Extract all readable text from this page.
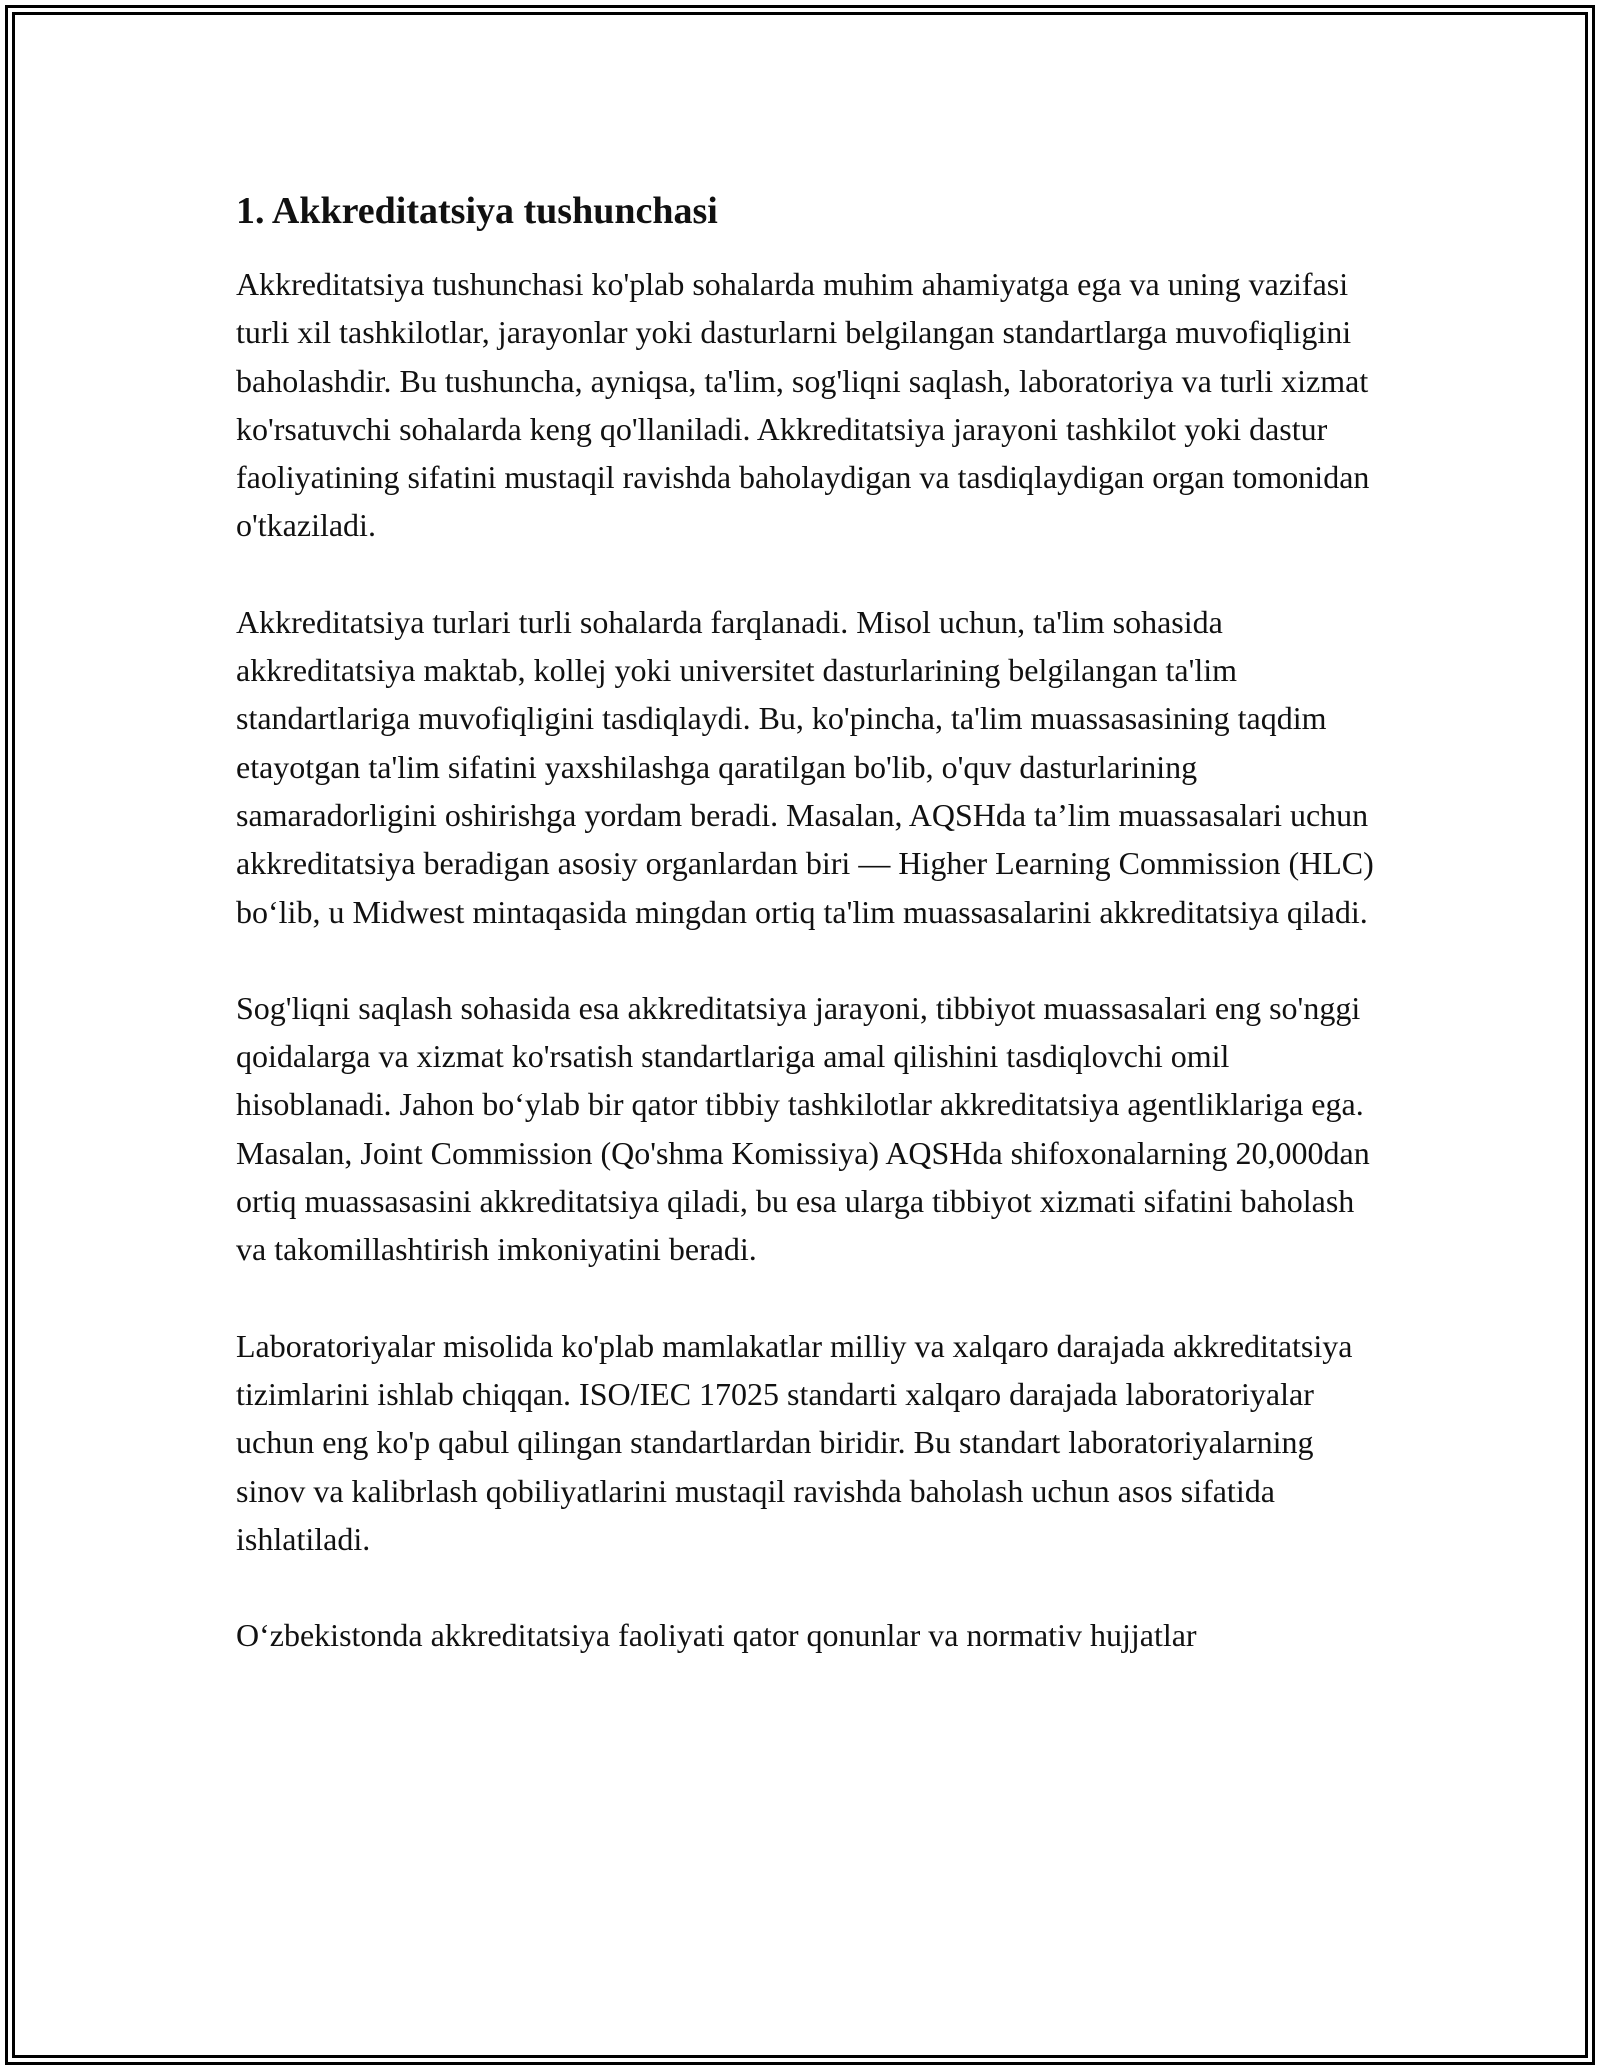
1. Akkreditatsiya tushunchasi

Akkreditatsiya tushunchasi ko'plab sohalarda muhim ahamiyatga ega va uning vazifasi turli xil tashkilotlar, jarayonlar yoki dasturlarni belgilangan standartlarga muvofiqligini baholashdir. Bu tushuncha, ayniqsa, ta'lim, sog'liqni saqlash, laboratoriya va turli xizmat ko'rsatuvchi sohalarda keng qo'llaniladi. Akkreditatsiya jarayoni tashkilot yoki dastur faoliyatining sifatini mustaqil ravishda baholaydigan va tasdiqlaydigan organ tomonidan o'tkaziladi.

Akkreditatsiya turlari turli sohalarda farqlanadi. Misol uchun, ta'lim sohasida akkreditatsiya maktab, kollej yoki universitet dasturlarining belgilangan ta'lim standartlariga muvofiqligini tasdiqlaydi. Bu, ko'pincha, ta'lim muassasasining taqdim etayotgan ta'lim sifatini yaxshilashga qaratilgan bo'lib, o'quv dasturlarining samaradorligini oshirishga yordam beradi. Masalan, AQSHda ta’lim muassasalari uchun akkreditatsiya beradigan asosiy organlardan biri — Higher Learning Commission (HLC) bo‘lib, u Midwest mintaqasida mingdan ortiq ta'lim muassasalarini akkreditatsiya qiladi.

Sog'liqni saqlash sohasida esa akkreditatsiya jarayoni, tibbiyot muassasalari eng so'nggi qoidalarga va xizmat ko'rsatish standartlariga amal qilishini tasdiqlovchi omil hisoblanadi. Jahon bo‘ylab bir qator tibbiy tashkilotlar akkreditatsiya agentliklariga ega. Masalan, Joint Commission (Qo'shma Komissiya) AQSHda shifoxonalarning 20,000dan ortiq muassasasini akkreditatsiya qiladi, bu esa ularga tibbiyot xizmati sifatini baholash va takomillashtirish imkoniyatini beradi.

Laboratoriyalar misolida ko'plab mamlakatlar milliy va xalqaro darajada akkreditatsiya tizimlarini ishlab chiqqan. ISO/IEC 17025 standarti xalqaro darajada laboratoriyalar uchun eng ko'p qabul qilingan standartlardan biridir. Bu standart laboratoriyalarning sinov va kalibrlash qobiliyatlarini mustaqil ravishda baholash uchun asos sifatida ishlatiladi.

O‘zbekistonda akkreditatsiya faoliyati qator qonunlar va normativ hujjatlar
